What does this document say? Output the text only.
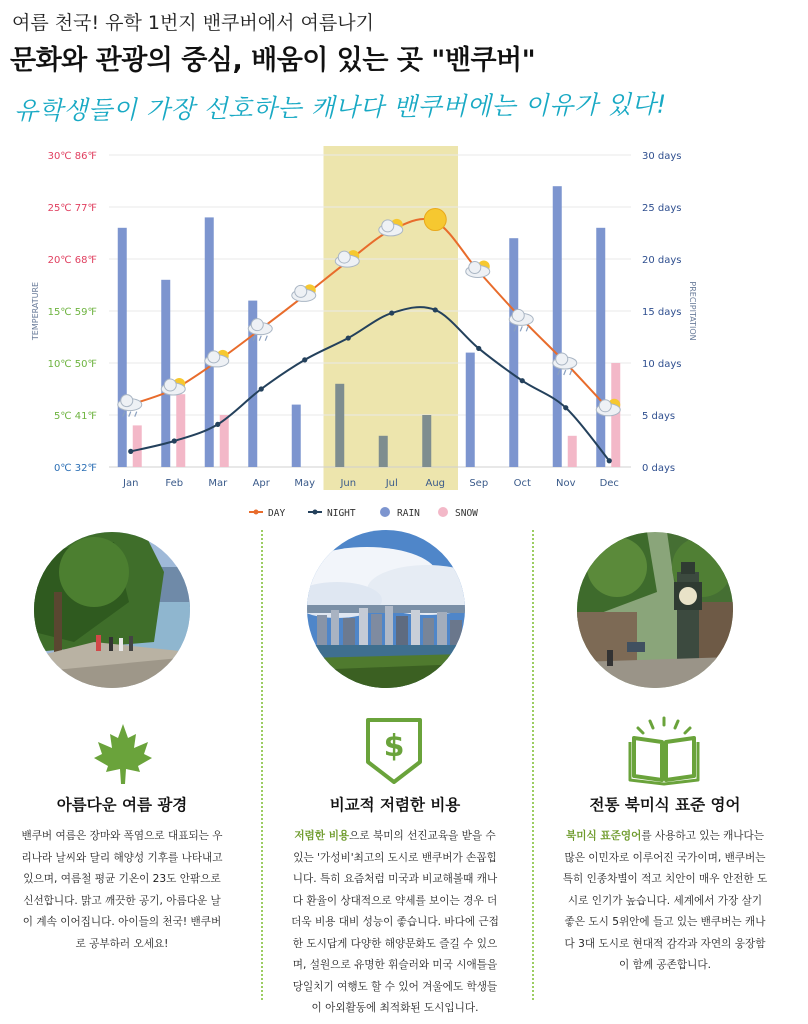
여름 천국! 유학 1번지 밴쿠버에서 여름나기
문화와 관광의 중심, 배움이 있는 곳 "밴쿠버"
유학생들이 가장 선호하는 캐나다 밴쿠버에는 이유가 있다!
0℃ 32℉
5℃ 41℉
10℃ 50℉
15℃ 59℉
20℃ 68℉
25℃ 77℉
30℃ 86℉
0 days
5 days
10 days
15 days
20 days
25 days
30 days
TEMPERATURE	PRECIPITATION
Jan	Feb	Mar	Apr May	Jun	Jul	Aug Sep	Oct	Nov Dec
DAY	NIGHT	RAIN	SNOW
$
아름다운 여름 광경	비교적 저렴한 비용	전통 북미식 표준 영어
밴쿠버 여름은 장마와 폭염으로 대표되는 우
리나라 날씨와 달리 해양성 기후를 나타내고
있으며, 여름철 평균 기온이 23도 안팎으로
신선합니다. 맑고 깨끗한 공기, 아름다운 날
이 계속 이어집니다. 아이들의 천국! 밴쿠버
로 공부하러 오세요!
저렴한 비용으로 북미의 선진교육을 받을 수
있는 '가성비'최고의 도시로 밴쿠버가 손꼽힙
니다. 특히 요즘처럼 미국과 비교해볼때 캐나
다 환율이 상대적으로 약세를 보이는 경우 더
더욱 비용 대비 성능이 좋습니다. 바다에 근접
한 도시답게 다양한 해양문화도 즐길 수 있으
며, 설원으로 유명한 휘슬러와 미국 시애틀을
당일치기 여행도 할 수 있어 겨울에도 학생들
이 아외활동에 최적화된 도시입니다.
북미식 표준영어를 사용하고 있는 캐나다는
많은 이민자로 이루어진 국가이며, 밴쿠버는
특히 인종차별이 적고 치안이 매우 안전한 도
시로 인기가 높습니다. 세계에서 가장 살기
좋은 도시 5위안에 들고 있는 밴쿠버는 캐나
다 3대 도시로 현대적 감각과 자연의 웅장함
이 함께 공존합니다.
